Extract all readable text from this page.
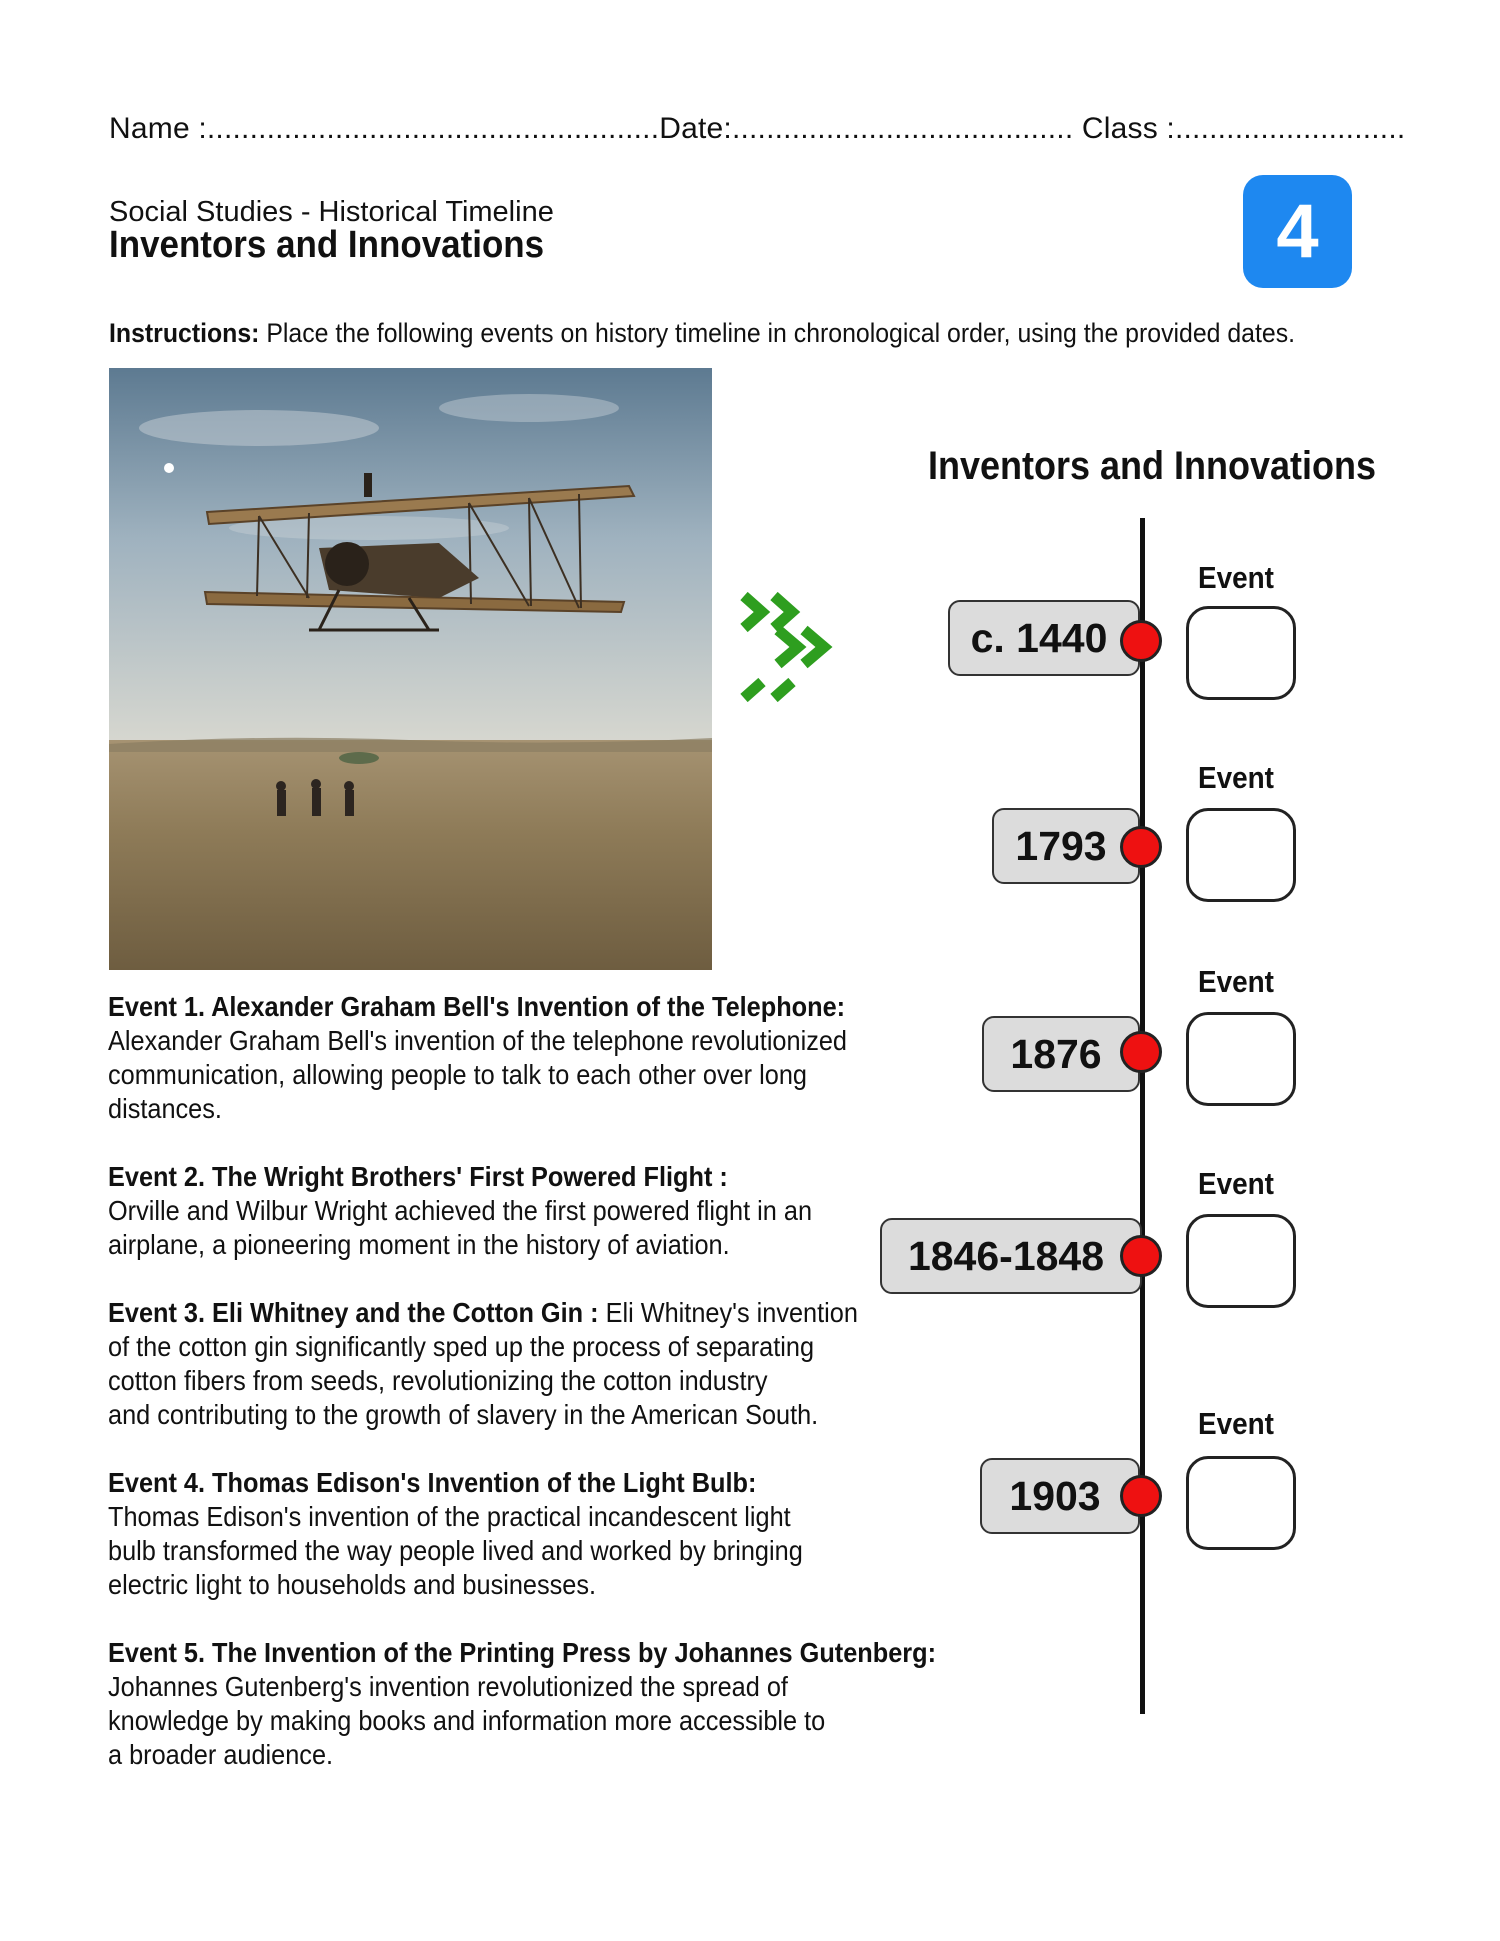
Name :.....................................................Date:........................................ Class :...........................
Social Studies - Historical Timeline
Inventors and Innovations	4
Instructions: Place the following events on history timeline in chronological order, using the provided dates.
Event 1. Alexander Graham Bell's Invention of the Telephone:
Alexander Graham Bell's invention of the telephone revolutionized
communication, allowing people to talk to each other over long
distances.
Event 2. The Wright Brothers' First Powered Flight :
Orville and Wilbur Wright achieved the first powered flight in an
airplane, a pioneering moment in the history of aviation.
Event 3. Eli Whitney and the Cotton Gin : Eli Whitney's invention
of the cotton gin significantly sped up the process of separating
cotton fibers from seeds, revolutionizing the cotton industry
and contributing to the growth of slavery in the American South.
Event 4. Thomas Edison's Invention of the Light Bulb:
Thomas Edison's invention of the practical incandescent light
bulb transformed the way people lived and worked by bringing
electric light to households and businesses.
Event 5. The Invention of the Printing Press by Johannes Gutenberg:
Johannes Gutenberg's invention revolutionized the spread of
knowledge by making books and information more accessible to
a broader audience.
Inventors and Innovations
Event
c. 1440
Event
1793
Event
1876
Event
1846-1848
Event
1903
